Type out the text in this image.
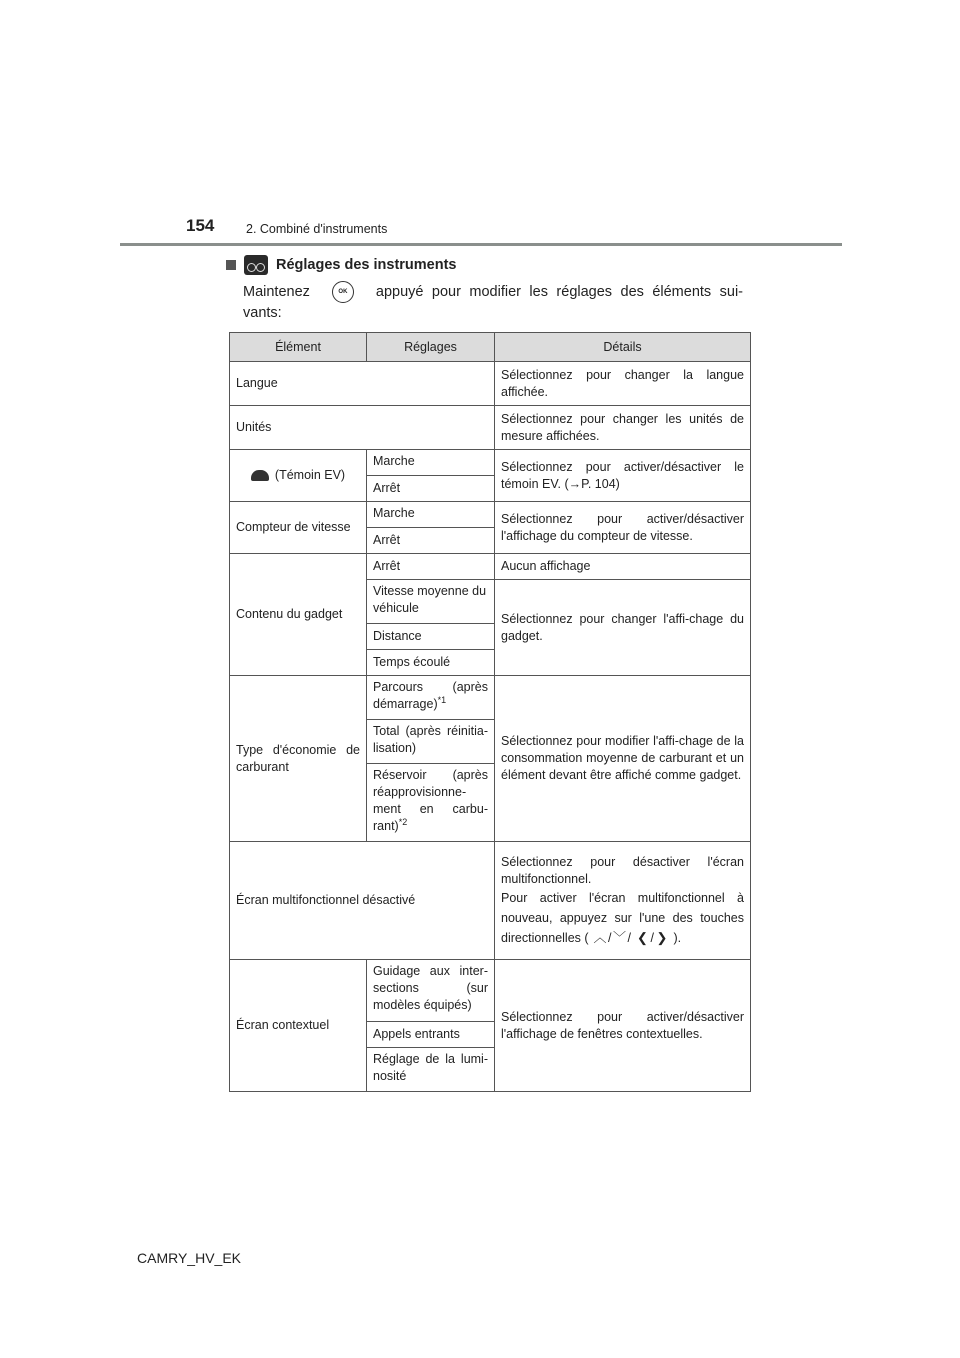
154	2. Combiné d'instruments
Réglages des instruments
Maintenez	OK appuyé pour modifier les réglages des éléments sui-vants:
Élément	Réglages	Détails
Langue		Sélectionnez pour changer la langue affichée.
Unités		Sélectionnez pour changer les unités de mesure affichées.
(Témoin EV)	Marche	Sélectionnez pour activer/désactiver le témoin EV. (→P. 104)
	Arrêt	
Compteur de vitesse	Marche	Sélectionnez pour activer/désactiver l'affichage du compteur de vitesse.
	Arrêt	
Contenu du gadget	Arrêt	Aucun affichage
	Vitesse moyenne du véhicule	Sélectionnez pour changer l'affi-chage du gadget.
	Distance	
	Temps écoulé	
Type d'économie de carburant	Parcours (après démarrage)$^{*1}$	Sélectionnez pour modifier l'affi-chage de la consommation moyenne de carburant et un élément devant être affiché comme gadget.
	Total (après réinitia-lisation)	
	Réservoir (après réapprovisionne-ment en carbu-rant)$^{*2}$
Écran multifonctionnel désactivé		Sélectionnez pour désactiver l'écran multifonctionnel.
Pour activer l'écran multifonctionnel à nouveau, appuyez sur l'une des touches directionnelles ( ︿ /﹀ / ❮ / ❯ ).

Écran contextuel	Guidage aux inter-sections (sur modèles équipés)	Sélectionnez pour activer/désactiver l'affichage de fenêtres contextuelles.
	Appels entrants	
	Réglage de la lumi-nosité	
CAMRY_HV_EK
